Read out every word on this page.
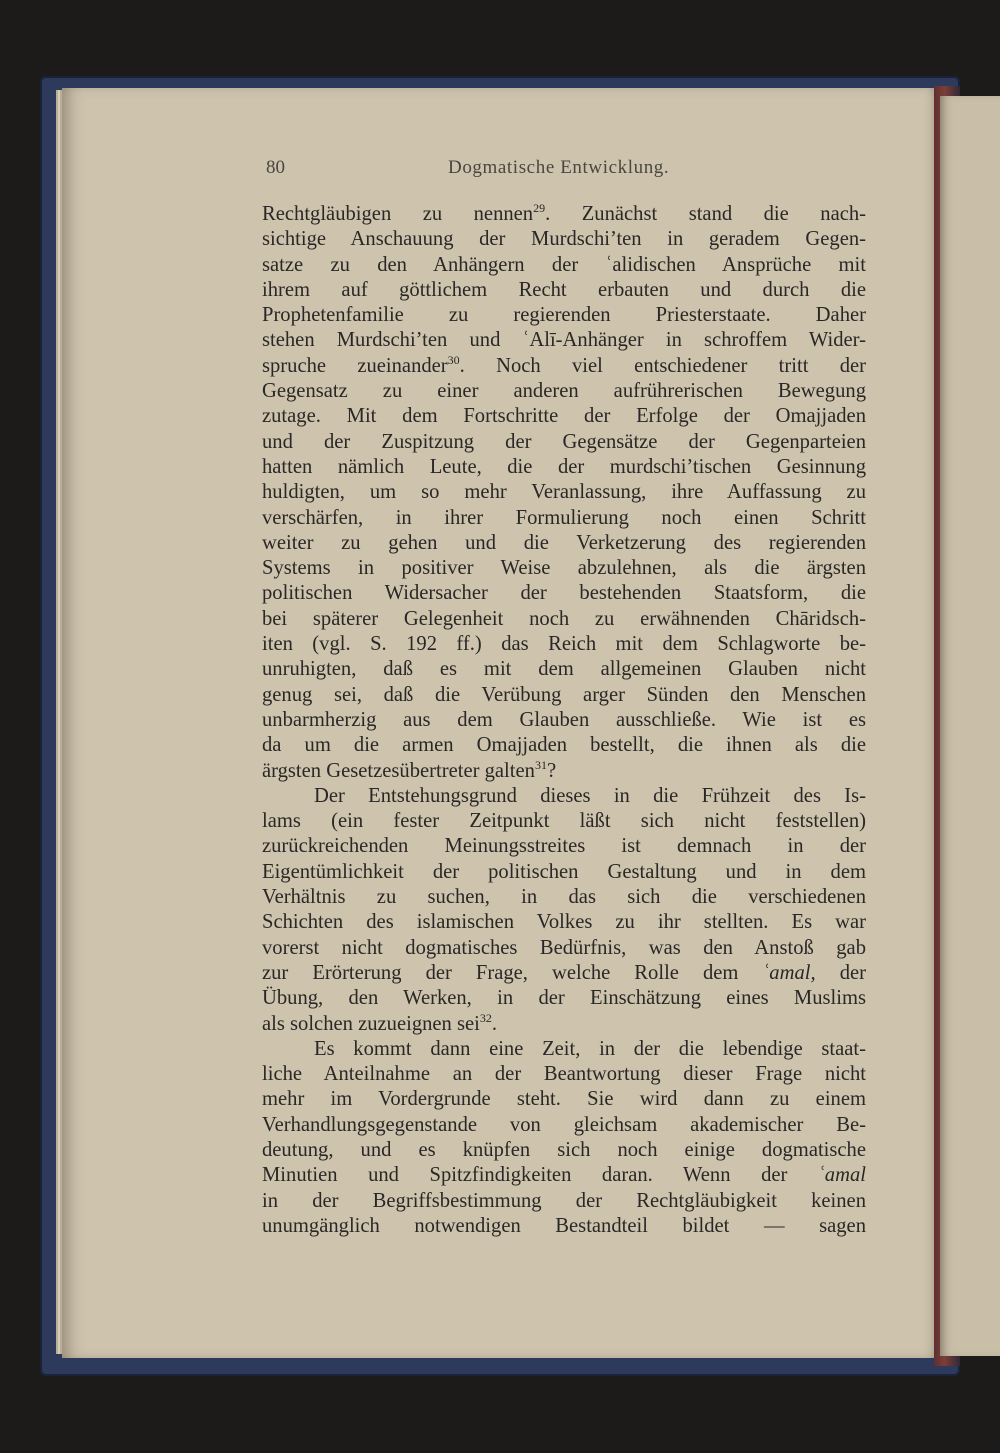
80	Dogmatische Entwicklung.
Rechtgläubigen zu nennen$^{29}$. Zunächst stand die nach-
sichtige Anschauung der Murdschi’ten in geradem Gegen-
satze zu den Anhängern der ʿalidischen Ansprüche mit
ihrem auf göttlichem Recht erbauten und durch die
Prophetenfamilie zu regierenden Priesterstaate. Daher
stehen Murdschi’ten und ʿAlī-Anhänger in schroffem Wider-
spruche zueinander$^{30}$. Noch viel entschiedener tritt der
Gegensatz zu einer anderen aufrührerischen Bewegung
zutage. Mit dem Fortschritte der Erfolge der Omajjaden
und der Zuspitzung der Gegensätze der Gegenparteien
hatten nämlich Leute, die der murdschi’tischen Gesinnung
huldigten, um so mehr Veranlassung, ihre Auffassung zu
verschärfen, in ihrer Formulierung noch einen Schritt
weiter zu gehen und die Verketzerung des regierenden
Systems in positiver Weise abzulehnen, als die ärgsten
politischen Widersacher der bestehenden Staatsform, die
bei späterer Gelegenheit noch zu erwähnenden Chāridsch-
iten (vgl. S. 192 ff.) das Reich mit dem Schlagworte be-
unruhigten, daß es mit dem allgemeinen Glauben nicht
genug sei, daß die Verübung arger Sünden den Menschen
unbarmherzig aus dem Glauben ausschließe. Wie ist es
da um die armen Omajjaden bestellt, die ihnen als die
ärgsten Gesetzesübertreter galten$^{31}$?
Der Entstehungsgrund dieses in die Frühzeit des Is-
lams (ein fester Zeitpunkt läßt sich nicht feststellen)
zurückreichenden Meinungsstreites ist demnach in der
Eigentümlichkeit der politischen Gestaltung und in dem
Verhältnis zu suchen, in das sich die verschiedenen
Schichten des islamischen Volkes zu ihr stellten. Es war
vorerst nicht dogmatisches Bedürfnis, was den Anstoß gab
zur Erörterung der Frage, welche Rolle dem ʿamal, der
Übung, den Werken, in der Einschätzung eines Muslims
als solchen zuzueignen sei$^{32}$.
Es kommt dann eine Zeit, in der die lebendige staat-
liche Anteilnahme an der Beantwortung dieser Frage nicht
mehr im Vordergrunde steht. Sie wird dann zu einem
Verhandlungsgegenstande von gleichsam akademischer Be-
deutung, und es knüpfen sich noch einige dogmatische
Minutien und Spitzfindigkeiten daran. Wenn der ʿamal
in der Begriffsbestimmung der Rechtgläubigkeit keinen
unumgänglich notwendigen Bestandteil bildet — sagen
